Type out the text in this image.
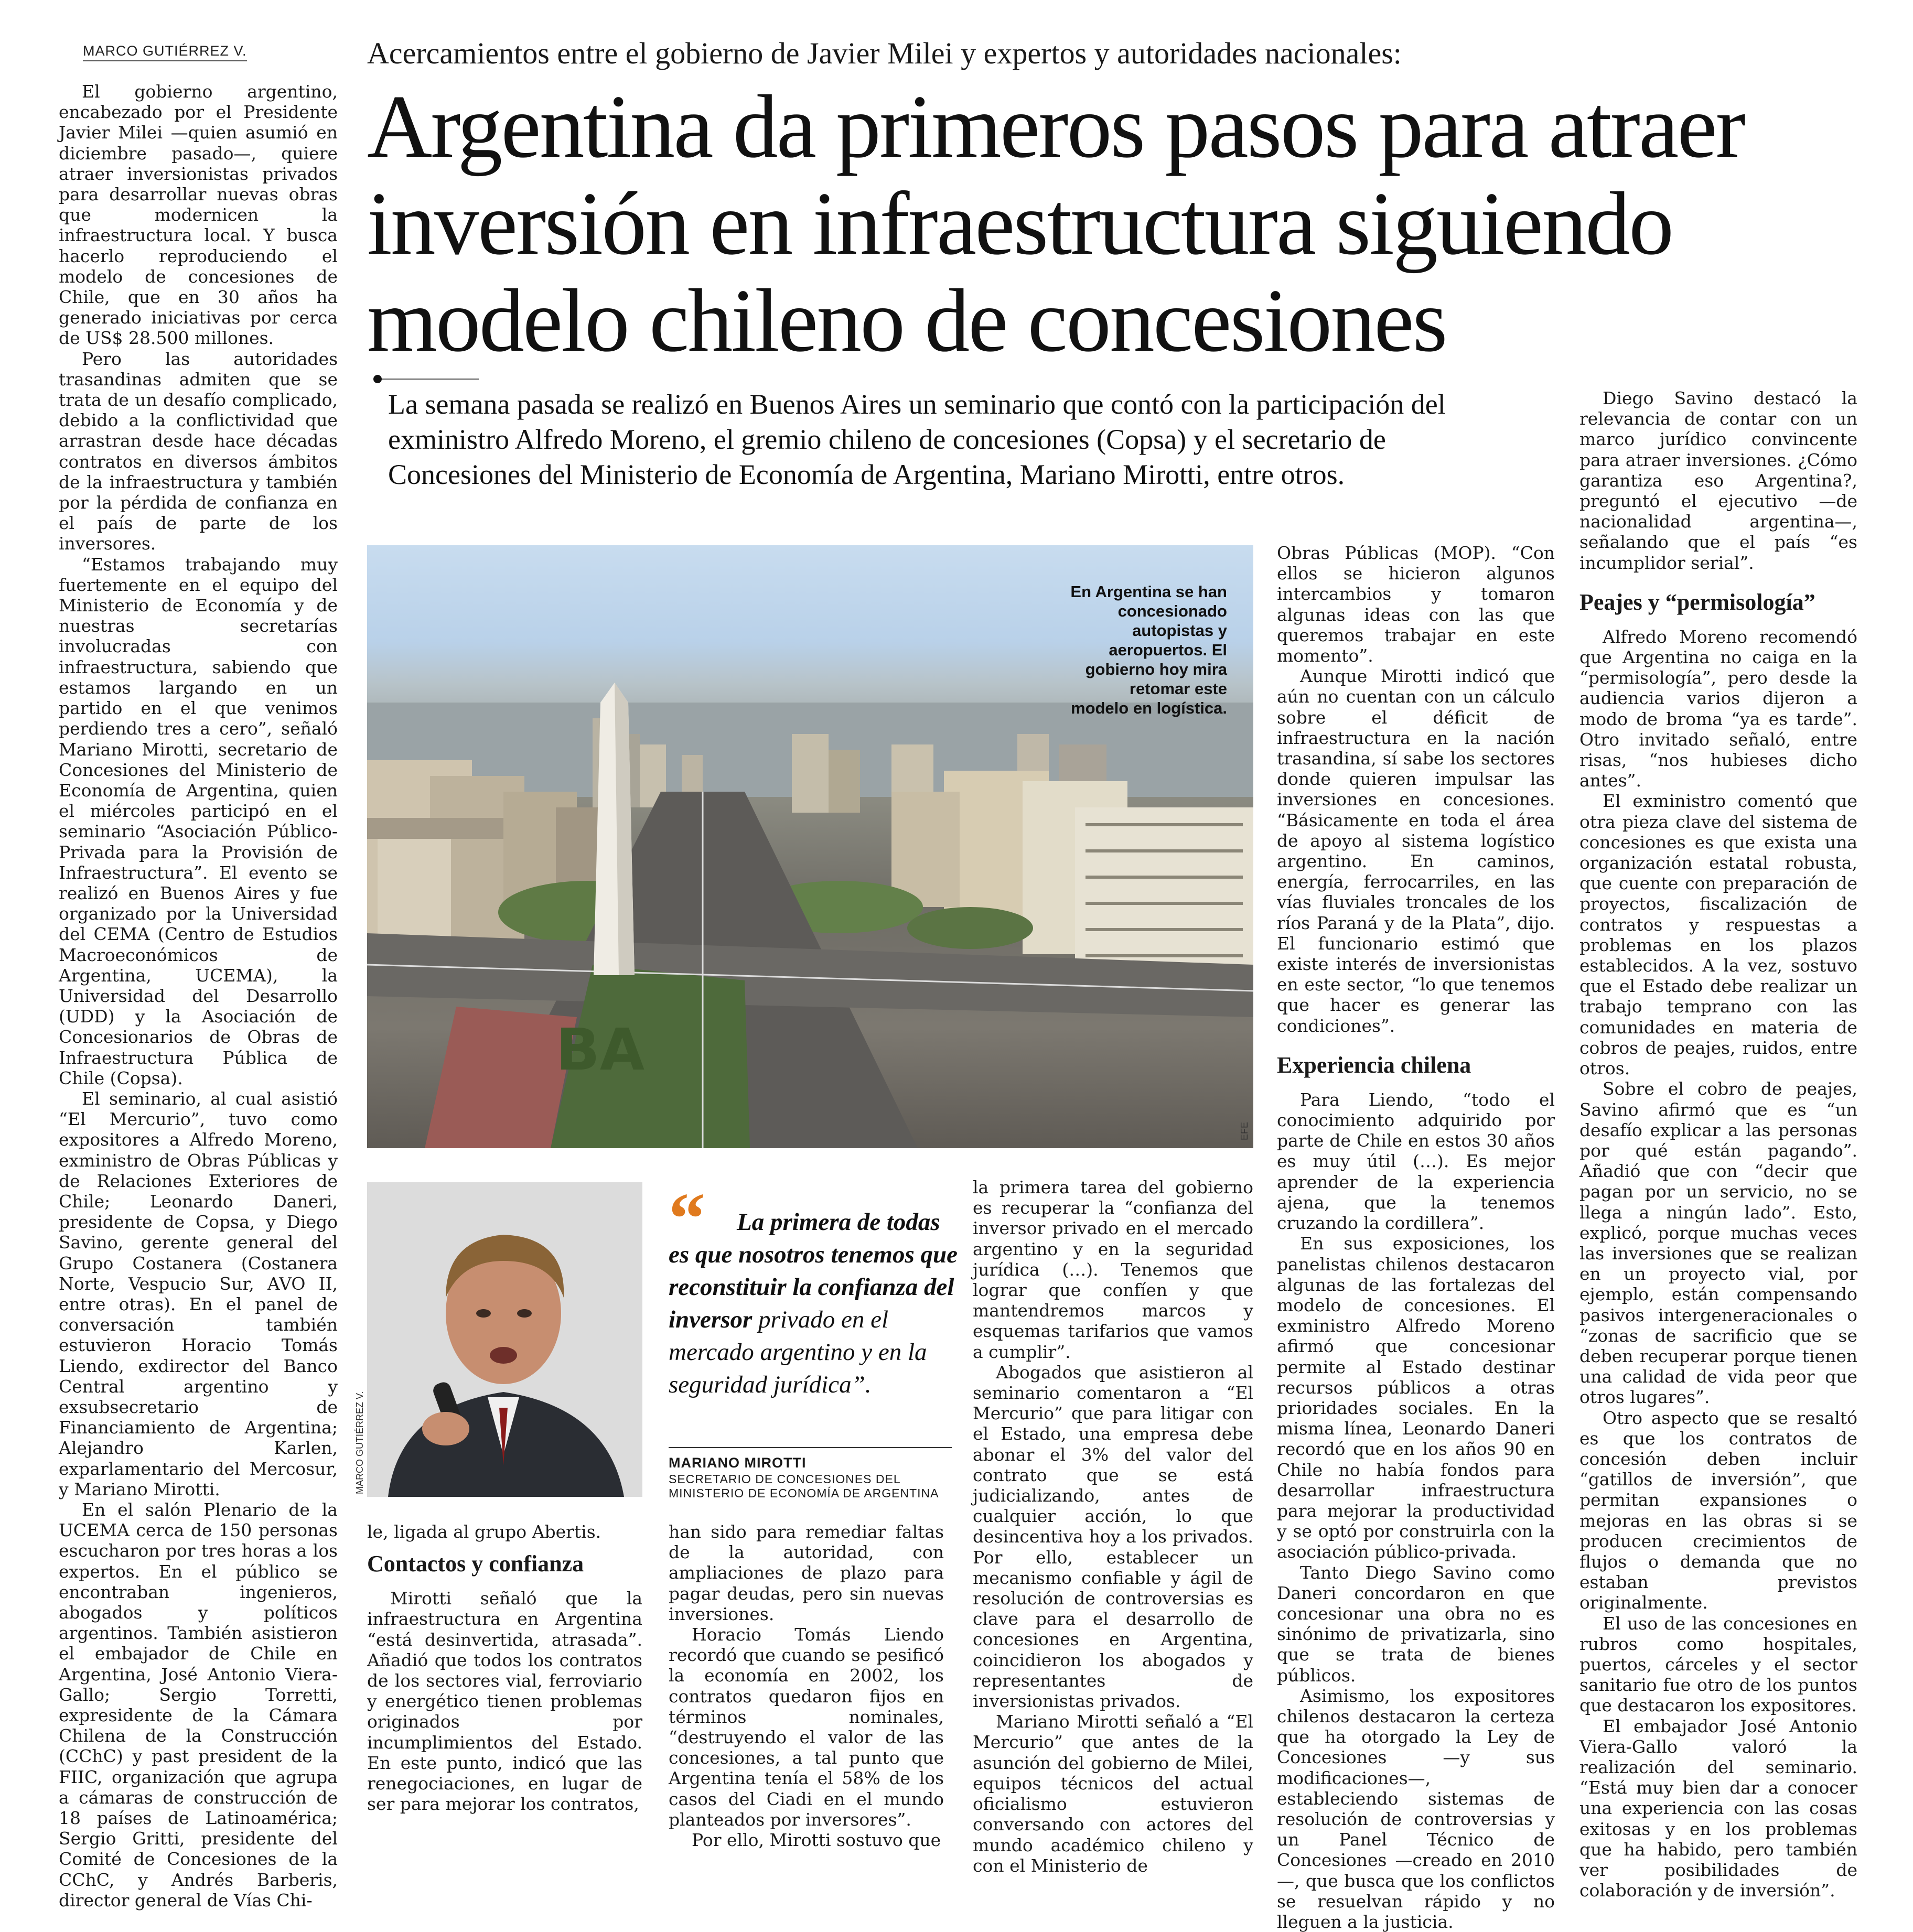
MARCO GUTIÉRREZ V.

El gobierno argentino, encabezado por el Presidente Javier Milei —quien asumió en diciembre pasado—, quiere atraer inversionistas privados para desarrollar nuevas obras que modernicen la infraestructura local. Y busca hacerlo reproduciendo el modelo de concesiones de Chile, que en 30 años ha generado iniciativas por cerca de US$ 28.500 millones.

Pero las autoridades trasandinas admiten que se trata de un desafío complicado, debido a la conflictividad que arrastran desde hace décadas contratos en diversos ámbitos de la infraestructura y también por la pérdida de confianza en el país de parte de los inversores.

“Estamos trabajando muy fuertemente en el equipo del Ministerio de Economía y de nuestras secretarías involucradas con infraestructura, sabiendo que estamos largando en un partido en el que venimos perdiendo tres a cero”, señaló Mariano Mirotti, secretario de Concesiones del Ministerio de Economía de Argentina, quien el miércoles participó en el seminario “Asociación Público-Privada para la Provisión de Infraestructura”. El evento se realizó en Buenos Aires y fue organizado por la Universidad del CEMA (Centro de Estudios Macroeconómicos de Argentina, UCEMA), la Universidad del Desarrollo (UDD) y la Asociación de Concesionarios de Obras de Infraestructura Pública de Chile (Copsa).

El seminario, al cual asistió “El Mercurio”, tuvo como expositores a Alfredo Moreno, exministro de Obras Públicas y de Relaciones Exteriores de Chile; Leonardo Daneri, presidente de Copsa, y Diego Savino, gerente general del Grupo Costanera (Costanera Norte, Vespucio Sur, AVO II, entre otras). En el panel de conversación también estuvieron Horacio Tomás Liendo, exdirector del Banco Central argentino y exsubsecretario de Financiamiento de Argentina; Alejandro Karlen, exparlamentario del Mercosur, y Mariano Mirotti.

En el salón Plenario de la UCEMA cerca de 150 personas escucharon por tres horas a los expertos. En el público se encontraban ingenieros, abogados y políticos argentinos. También asistieron el embajador de Chile en Argentina, José Antonio Viera-Gallo; Sergio Torretti, expresidente de la Cámara Chilena de la Construcción (CChC) y past president de la FIIC, organización que agrupa a cámaras de construcción de 18 países de Latinoamérica; Sergio Gritti, presidente del Comité de Concesiones de la CChC, y Andrés Barberis, director general de Vías Chi-

Acercamientos entre el gobierno de Javier Milei y expertos y autoridades nacionales:
Argentina da primeros pasos para atraer inversión en infraestructura siguiendo modelo chileno de concesiones
La semana pasada se realizó en Buenos Aires un seminario que contó con la participación del exministro Alfredo Moreno, el gremio chileno de concesiones (Copsa) y el secretario de Concesiones del Ministerio de Economía de Argentina, Mariano Mirotti, entre otros.
BA
En Argentina se han concesionado autopistas y aeropuertos. El gobierno hoy mira retomar este modelo en logística.
EFE
MARCO GUTIÉRREZ V.
“	La primera de todas es que nosotros tenemos que reconstituir la confianza del inversor privado en el mercado argentino y en la seguridad jurídica”.
MARIANO MIROTTI
SECRETARIO DE CONCESIONES DEL MINISTERIO DE ECONOMÍA DE ARGENTINA

le, ligada al grupo Abertis.

Contactos y confianza

Mirotti señaló que la infraestructura en Argentina “está desinvertida, atrasada”. Añadió que todos los contratos de los sectores vial, ferroviario y energético tienen problemas originados por incumplimientos del Estado. En este punto, indicó que las renegociaciones, en lugar de ser para mejorar los contratos,

han sido para remediar faltas de la autoridad, con ampliaciones de plazo para pagar deudas, pero sin nuevas inversiones.

Horacio Tomás Liendo recordó que cuando se pesificó la economía en 2002, los contratos quedaron fijos en términos nominales, “destruyendo el valor de las concesiones, a tal punto que Argentina tenía el 58% de los casos del Ciadi en el mundo planteados por inversores”.

Por ello, Mirotti sostuvo que

la primera tarea del gobierno es recuperar la “confianza del inversor privado en el mercado argentino y en la seguridad jurídica (…). Tenemos que lograr que confíen y que mantendremos marcos y esquemas tarifarios que vamos a cumplir”.

Abogados que asistieron al seminario comentaron a “El Mercurio” que para litigar con el Estado, una empresa debe abonar el 3% del valor del contrato que se está judicializando, antes de cualquier acción, lo que desincentiva hoy a los privados. Por ello, establecer un mecanismo confiable y ágil de resolución de controversias es clave para el desarrollo de concesiones en Argentina, coincidieron los abogados y representantes de inversionistas privados.

Mariano Mirotti señaló a “El Mercurio” que antes de la asunción del gobierno de Milei, equipos técnicos del actual oficialismo estuvieron conversando con actores del mundo académico chileno y con el Ministerio de

Obras Públicas (MOP). “Con ellos se hicieron algunos intercambios y tomaron algunas ideas con las que queremos trabajar en este momento”.

Aunque Mirotti indicó que aún no cuentan con un cálculo sobre el déficit de infraestructura en la nación trasandina, sí sabe los sectores donde quieren impulsar las inversiones en concesiones. “Básicamente en toda el área de apoyo al sistema logístico argentino. En caminos, energía, ferrocarriles, en las vías fluviales troncales de los ríos Paraná y de la Plata”, dijo. El funcionario estimó que existe interés de inversionistas en este sector, “lo que tenemos que hacer es generar las condiciones”.

Experiencia chilena

Para Liendo, “todo el conocimiento adquirido por parte de Chile en estos 30 años es muy útil (…). Es mejor aprender de la experiencia ajena, que la tenemos cruzando la cordillera”.

En sus exposiciones, los panelistas chilenos destacaron algunas de las fortalezas del modelo de concesiones. El exministro Alfredo Moreno afirmó que concesionar permite al Estado destinar recursos públicos a otras prioridades sociales. En la misma línea, Leonardo Daneri recordó que en los años 90 en Chile no había fondos para desarrollar infraestructura para mejorar la productividad y se optó por construirla con la asociación público-privada.

Tanto Diego Savino como Daneri concordaron en que concesionar una obra no es sinónimo de privatizarla, sino que se trata de bienes públicos.

Asimismo, los expositores chilenos destacaron la certeza que ha otorgado la Ley de Concesiones —y sus modificaciones—, estableciendo sistemas de resolución de controversias y un Panel Técnico de Concesiones —creado en 2010—, que busca que los conflictos se resuelvan rápido y no lleguen a la justicia.

Diego Savino destacó la relevancia de contar con un marco jurídico convincente para atraer inversiones. ¿Cómo garantiza eso Argentina?, preguntó el ejecutivo —de nacionalidad argentina—, señalando que el país “es incumplidor serial”.

Peajes y “permisología”

Alfredo Moreno recomendó que Argentina no caiga en la “permisología”, pero desde la audiencia varios dijeron a modo de broma “ya es tarde”. Otro invitado señaló, entre risas, “nos hubieses dicho antes”.

El exministro comentó que otra pieza clave del sistema de concesiones es que exista una organización estatal robusta, que cuente con preparación de proyectos, fiscalización de contratos y respuestas a problemas en los plazos establecidos. A la vez, sostuvo que el Estado debe realizar un trabajo temprano con las comunidades en materia de cobros de peajes, ruidos, entre otros.

Sobre el cobro de peajes, Savino afirmó que es “un desafío explicar a las personas por qué están pagando”. Añadió que con “decir que pagan por un servicio, no se llega a ningún lado”. Esto, explicó, porque muchas veces las inversiones que se realizan en un proyecto vial, por ejemplo, están compensando pasivos intergeneracionales o “zonas de sacrificio que se deben recuperar porque tienen una calidad de vida peor que otros lugares”.

Otro aspecto que se resaltó es que los contratos de concesión deben incluir “gatillos de inversión”, que permitan expansiones o mejoras en las obras si se producen crecimientos de flujos o demanda que no estaban previstos originalmente.

El uso de las concesiones en rubros como hospitales, puertos, cárceles y el sector sanitario fue otro de los puntos que destacaron los expositores.

El embajador José Antonio Viera-Gallo valoró la realización del seminario. “Está muy bien dar a conocer una experiencia con las cosas exitosas y en los problemas que ha habido, pero también ver posibilidades de colaboración y de inversión”.
